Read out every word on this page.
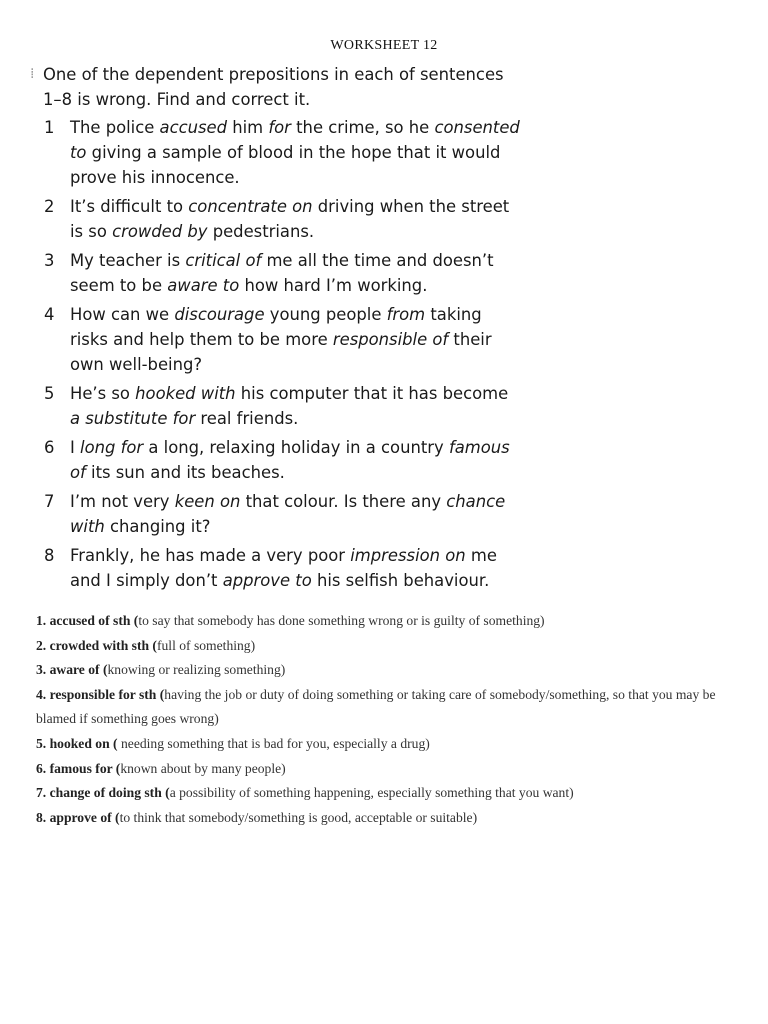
WORKSHEET 12
⁞ One of the dependent prepositions in each of sentences
1–8 is wrong. Find and correct it.
1 The police accused him for the crime, so he consented
to giving a sample of blood in the hope that it would
prove his innocence.
2 It’s difficult to concentrate on driving when the street
is so crowded by pedestrians.
3 My teacher is critical of me all the time and doesn’t
seem to be aware to how hard I’m working.
4 How can we discourage young people from taking
risks and help them to be more responsible of their
own well-being?
5 He’s so hooked with his computer that it has become
a substitute for real friends.
6 I long for a long, relaxing holiday in a country famous
of its sun and its beaches.
7 I’m not very keen on that colour. Is there any chance
with changing it?
8 Frankly, he has made a very poor impression on me
and I simply don’t approve to his selfish behaviour.
1. accused of sth (to say that somebody has done something wrong or is guilty of something)
2. crowded with sth (full of something)
3. aware of (knowing or realizing something)
4. responsible for sth (having the job or duty of doing something or taking care of somebody/something, so that you may be blamed if something goes wrong)
5. hooked on ( needing something that is bad for you, especially a drug)
6. famous for (known about by many people)
7. change of doing sth (a possibility of something happening, especially something that you want)
8. approve of (to think that somebody/something is good, acceptable or suitable)
